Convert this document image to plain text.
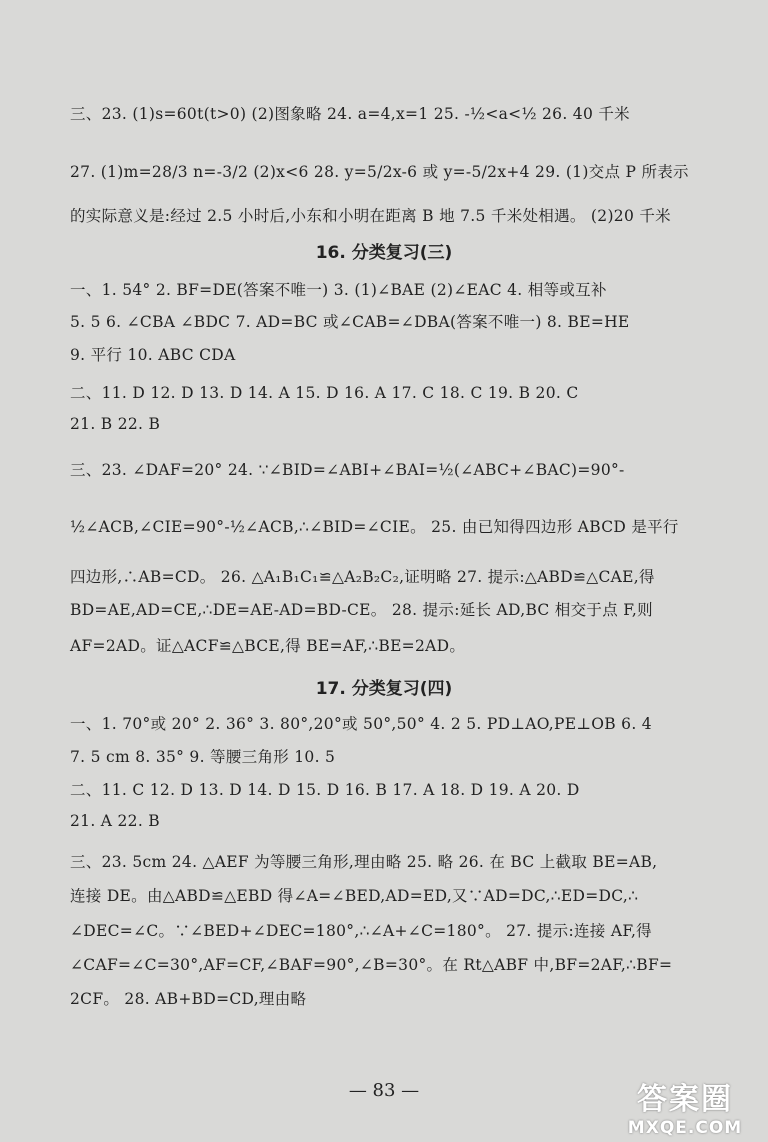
三、23. (1)s=60t(t>0) (2)图象略 24. a=4,x=1 25. -½<a<½ 26. 40 千米
27. (1)m=28/3 n=-3/2 (2)x<6 28. y=5/2x-6 或 y=-5/2x+4 29. (1)交点 P 所表示
的实际意义是:经过 2.5 小时后,小东和小明在距离 B 地 7.5 千米处相遇。 (2)20 千米
16. 分类复习(三)
一、1. 54° 2. BF=DE(答案不唯一) 3. (1)∠BAE (2)∠EAC 4. 相等或互补
5. 5 6. ∠CBA ∠BDC 7. AD=BC 或∠CAB=∠DBA(答案不唯一) 8. BE=HE
9. 平行 10. ABC CDA
二、11. D 12. D 13. D 14. A 15. D 16. A 17. C 18. C 19. B 20. C
21. B 22. B
三、23. ∠DAF=20° 24. ∵∠BID=∠ABI+∠BAI=½(∠ABC+∠BAC)=90°-
½∠ACB,∠CIE=90°-½∠ACB,∴∠BID=∠CIE。 25. 由已知得四边形 ABCD 是平行
四边形,∴AB=CD。 26. △A₁B₁C₁≌△A₂B₂C₂,证明略 27. 提示:△ABD≌△CAE,得
BD=AE,AD=CE,∴DE=AE-AD=BD-CE。 28. 提示:延长 AD,BC 相交于点 F,则
AF=2AD。证△ACF≌△BCE,得 BE=AF,∴BE=2AD。
17. 分类复习(四)
一、1. 70°或 20° 2. 36° 3. 80°,20°或 50°,50° 4. 2 5. PD⊥AO,PE⊥OB 6. 4
7. 5 cm 8. 35° 9. 等腰三角形 10. 5
二、11. C 12. D 13. D 14. D 15. D 16. B 17. A 18. D 19. A 20. D
21. A 22. B
三、23. 5cm 24. △AEF 为等腰三角形,理由略 25. 略 26. 在 BC 上截取 BE=AB,
连接 DE。由△ABD≌△EBD 得∠A=∠BED,AD=ED,又∵AD=DC,∴ED=DC,∴
∠DEC=∠C。∵∠BED+∠DEC=180°,∴∠A+∠C=180°。 27. 提示:连接 AF,得
∠CAF=∠C=30°,AF=CF,∠BAF=90°,∠B=30°。在 Rt△ABF 中,BF=2AF,∴BF=
2CF。 28. AB+BD=CD,理由略
— 83 —	答案圈
MXQE.COM
